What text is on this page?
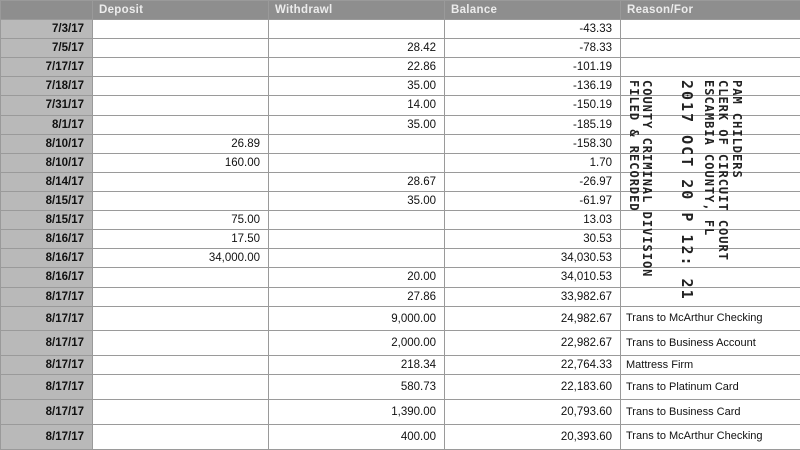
	Deposit	Withdrawl	Balance	Reason/For
7/3/17			-43.33	
7/5/17		28.42	-78.33	
7/17/17		22.86	-101.19	
7/18/17		35.00	-136.19	
7/31/17		14.00	-150.19	
8/1/17		35.00	-185.19	
8/10/17	26.89		-158.30	
8/10/17	160.00		1.70	
8/14/17		28.67	-26.97	
8/15/17		35.00	-61.97	
8/15/17	75.00		13.03	
8/16/17	17.50		30.53	
8/16/17	34,000.00		34,030.53	
8/16/17		20.00	34,010.53	
8/17/17		27.86	33,982.67	
8/17/17		9,000.00	24,982.67	Trans to McArthur Checking
8/17/17		2,000.00	22,982.67	Trans to Business Account
8/17/17		218.34	22,764.33	Mattress Firm
8/17/17		580.73	22,183.60	Trans to Platinum Card
8/17/17		1,390.00	20,793.60	Trans to Business Card
8/17/17		400.00	20,393.60	Trans to McArthur Checking
PAM CHILDERS
CLERK OF CIRCUIT COURT
ESCAMBIA COUNTY, FL
2017 OCT 20 P 12: 21
COUNTY CRIMINAL DIVISION
FILED & RECORDED
